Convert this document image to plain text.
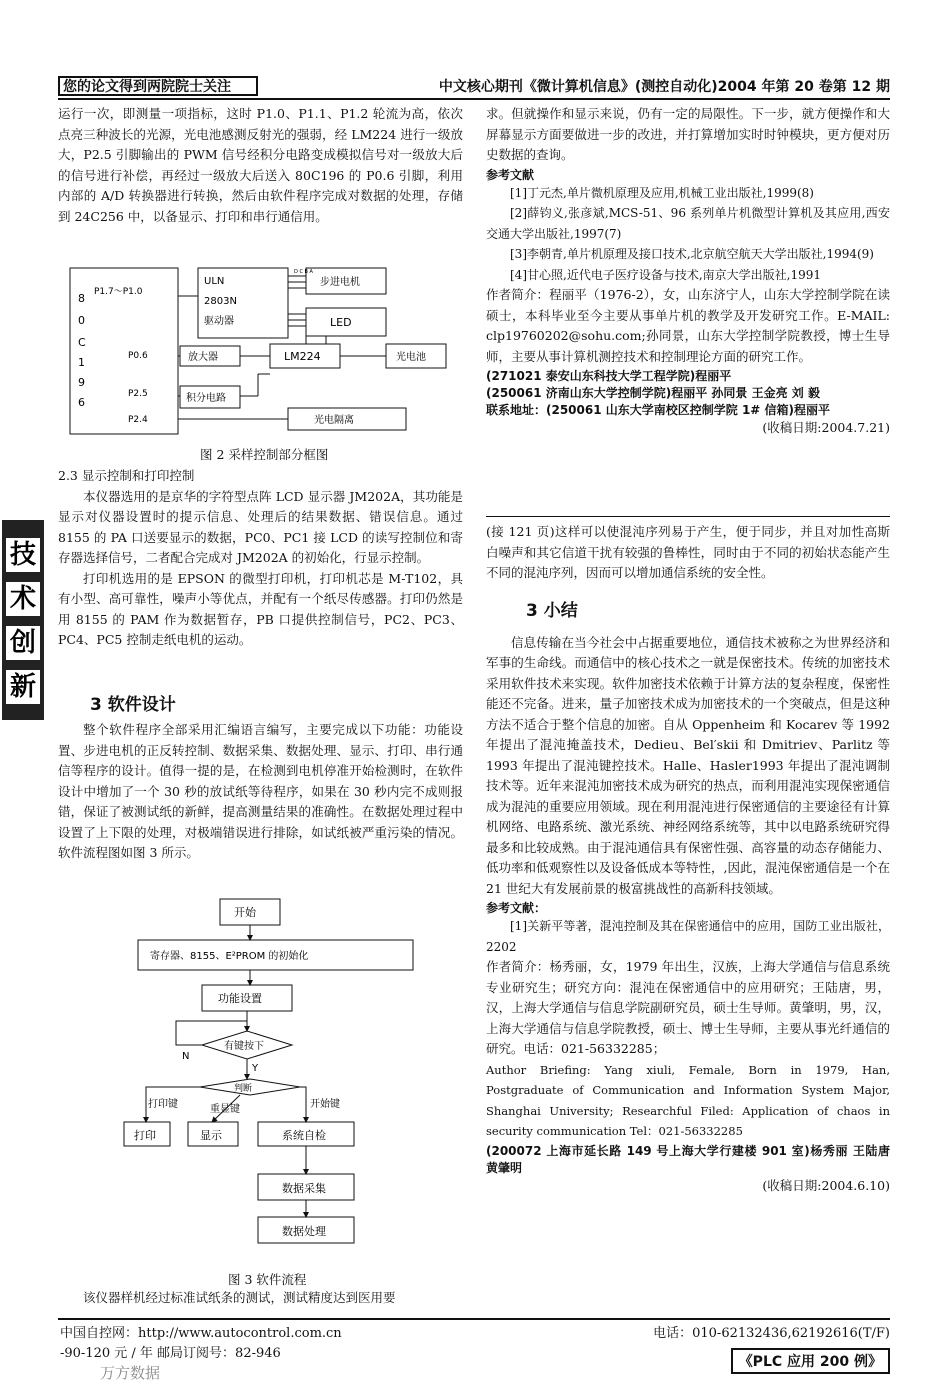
您的论文得到两院院士关注	中文核心期刊《微计算机信息》(测控自动化)2004 年第 20 卷第 12 期
技
术
创
新

运行一次，即测量一项指标，这时 P1.0、P1.1、P1.2 轮流为高，依次点亮三种波长的光源，光电池感测反射光的强弱，经 LM224 进行一级放大，P2.5 引脚输出的 PWM 信号经积分电路变成模拟信号对一级放大后的信号进行补偿，再经过一级放大后送入 80C196 的 P0.6 引脚，利用内部的 A/D 转换器进行转换，然后由软件程序完成对数据的处理，存储到 24C256 中，以备显示、打印和串行通信用。

8
0
C
1
9
6
P1.7～P1.0
P0.6
P2.5
P2.4
ULN
2803N
驱动器
D C B A
步进电机
LED
放大器	LM224	光电池
积分电路
光电隔离
图 2 采样控制部分框图

2.3 显示控制和打印控制

本仪器选用的是京华的字符型点阵 LCD 显示器 JM202A，其功能是显示对仪器设置时的提示信息、处理后的结果数据、错误信息。通过 8155 的 PA 口送要显示的数据，PC0、PC1 接 LCD 的读写控制位和寄存器选择信号，二者配合完成对 JM202A 的初始化，行显示控制。

打印机选用的是 EPSON 的微型打印机，打印机芯是 M-T102，具有小型、高可靠性，噪声小等优点，并配有一个纸尽传感器。打印仍然是用 8155 的 PAM 作为数据暂存，PB 口提供控制信号，PC2、PC3、PC4、PC5 控制走纸电机的运动。

3 软件设计

整个软件程序全部采用汇编语言编写，主要完成以下功能：功能设置、步进电机的正反转控制、数据采集、数据处理、显示、打印、串行通信等程序的设计。值得一提的是，在检测到电机停准开始检测时，在软件设计中增加了一个 30 秒的放试纸等待程序，如果在 30 秒内完不成则报错，保证了被测试纸的新鲜，提高测量结果的准确性。在数据处理过程中设置了上下限的处理，对极端错误进行排除，如试纸被严重污染的情况。软件流程图如图 3 所示。

开始
寄存器、8155、E²PROM 的初始化
功能设置
有键按下
判断
N
Y
打印键	重显键	开始键
打印	显示	系统自检
数据采集
数据处理
图 3 软件流程

该仪器样机经过标准试纸条的测试，测试精度达到医用要

求。但就操作和显示来说，仍有一定的局限性。下一步，就方便操作和大屏幕显示方面要做进一步的改进，并打算增加实时时钟模块，更方便对历史数据的查询。

参考文献

[1]丁元杰,单片微机原理及应用,机械工业出版社,1999(8)

[2]薛钧义,张彦斌,MCS-51、96 系列单片机微型计算机及其应用,西安交通大学出版社,1997(7)

[3]李朝青,单片机原理及接口技术,北京航空航天大学出版社,1994(9)

[4]甘心照,近代电子医疗设备与技术,南京大学出版社,1991

作者简介：程丽平（1976-2），女，山东济宁人，山东大学控制学院在读硕士，本科毕业至今主要从事单片机的教学及开发研究工作。E-MAIL: clp19760202@sohu.com;孙同景，山东大学控制学院教授，博士生导师，主要从事计算机测控技术和控制理论方面的研究工作。

(271021 泰安山东科技大学工程学院)程丽平

(250061 济南山东大学控制学院)程丽平 孙同景 王金亮 刘 毅

联系地址：(250061 山东大学南校区控制学院 1# 信箱)程丽平

(收稿日期:2004.7.21)

(接 121 页)这样可以使混沌序列易于产生，便于同步，并且对加性高斯白噪声和其它信道干扰有较强的鲁棒性，同时由于不同的初始状态能产生不同的混沌序列，因而可以增加通信系统的安全性。

3 小结

信息传输在当今社会中占据重要地位，通信技术被称之为世界经济和军事的生命线。而通信中的核心技术之一就是保密技术。传统的加密技术采用软件技术来实现。软件加密技术依赖于计算方法的复杂程度，保密性能还不完备。进来，量子加密技术成为加密技术的一个突破点，但是这种方法不适合于整个信息的加密。自从 Oppenheim 和 Kocarev 等 1992 年提出了混沌掩盖技术，Dedieu、Bel′skii 和 Dmitriev、Parlitz 等 1993 年提出了混沌键控技术。Halle、Hasler1993 年提出了混沌调制技术等。近年来混沌加密技术成为研究的热点，而利用混沌实现保密通信成为混沌的重要应用领域。现在利用混沌进行保密通信的主要途径有计算机网络、电路系统、激光系统、神经网络系统等，其中以电路系统研究得最多和比较成熟。由于混沌通信具有保密性强、高容量的动态存储能力、低功率和低观察性以及设备低成本等特性，,因此，混沌保密通信是一个在 21 世纪大有发展前景的极富挑战性的高新科技领域。

参考文献：

[1]关新平等著，混沌控制及其在保密通信中的应用，国防工业出版社，2202

作者简介：杨秀丽，女，1979 年出生，汉族，上海大学通信与信息系统专业研究生；研究方向：混沌在保密通信中的应用研究；王陆唐，男，汉，上海大学通信与信息学院副研究员，硕士生导师。黄肇明，男，汉，上海大学通信与信息学院教授，硕士、博士生导师，主要从事光纤通信的研究。电话：021-56332285；

Author Briefing: Yang xiuli, Female, Born in 1979, Han, Postgraduate of Communication and Information System Major, Shanghai University; Researchful Filed: Application of chaos in security communication Tel：021-56332285

(200072 上海市延长路 149 号上海大学行建楼 901 室)杨秀丽 王陆唐 黄肇明

(收稿日期:2004.6.10)

中国自控网：http://www.autocontrol.com.cn	电话：010-62132436,62192616(T/F)
-90-120 元 / 年 邮局订阅号：82-946
万方数据
《PLC 应用 200 例》
